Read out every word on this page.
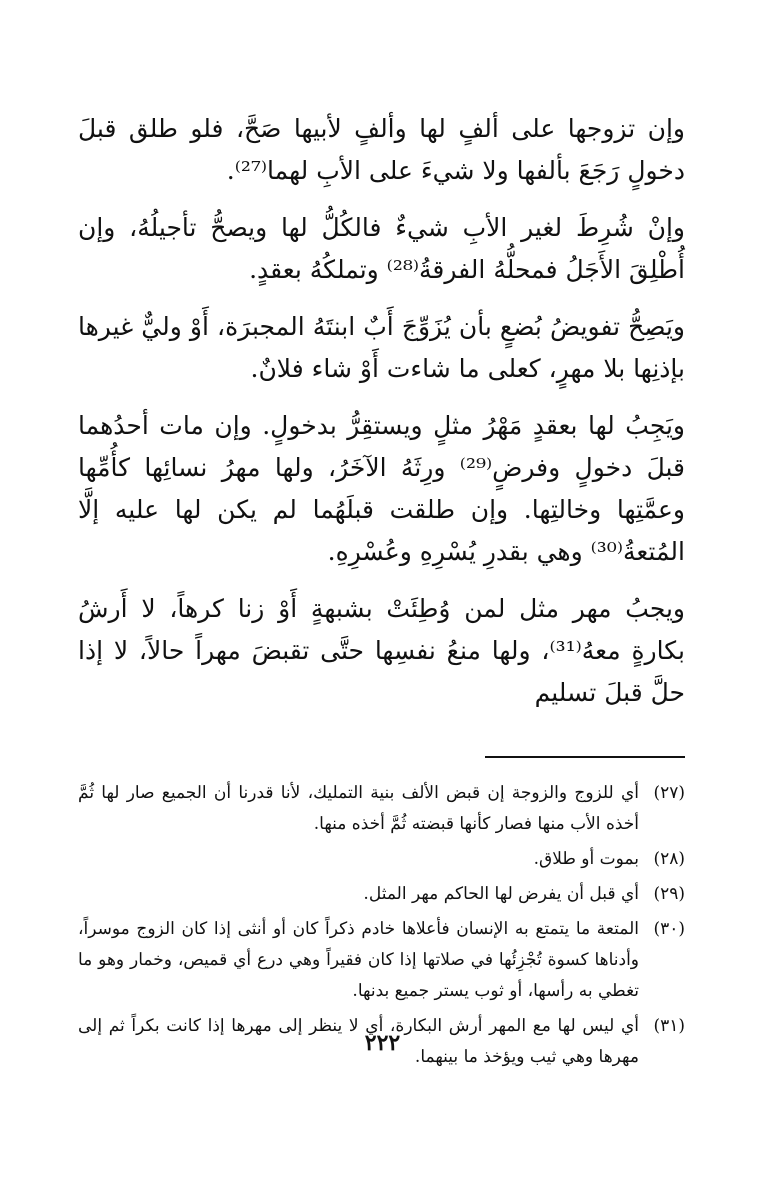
وإن تزوجها على ألفٍ لها وألفٍ لأبيها صَحَّ، فلو طلق قبلَ دخولٍ رَجَعَ بألفها ولا شيءَ على الأبِ لهما⁽²⁷⁾.

وإنْ شُرِطَ لغير الأبِ شيءٌ فالكُلُّ لها ويصحُّ تأجيلُهُ، وإن أُطْلِقَ الأَجَلُ فمحلُّهُ الفرقةُ⁽²⁸⁾ وتملكُهُ بعقدٍ.

ويَصِحُّ تفويضُ بُضعٍ بأن يُزَوِّجَ أَبٌ ابنتَهُ المجبرَة، أَوْ وليٌّ غيرها بإذنِها بلا مهرٍ، كعلى ما شاءت أَوْ شاء فلانٌ.

ويَجِبُ لها بعقدٍ مَهْرُ مثلٍ ويستقِرُّ بدخولٍ. وإن مات أحدُهما قبلَ دخولٍ وفرضٍ⁽²⁹⁾ ورِثَهُ الآخَرُ، ولها مهرُ نسائِها كأُمِّها وعمَّتِها وخالتِها. وإن طلقت قبلَهُما لم يكن لها عليه إلَّا المُتعةُ⁽³⁰⁾ وهي بقدرِ يُسْرِهِ وعُسْرِهِ.

ويجبُ مهر مثل لمن وُطِئَتْ بشبهةٍ أَوْ زنا كرهاً، لا أَرشُ بكارةٍ معهُ⁽³¹⁾، ولها منعُ نفسِها حتَّى تقبضَ مهراً حالاً، لا إذا حلَّ قبلَ تسليم

(٢٧)
أي للزوج والزوجة إن قبض الألف بنية التمليك، لأنا قدرنا أن الجميع صار لها ثُمَّ أخذه الأب منها فصار كأنها قبضته ثُمَّ أخذه منها.
(٢٨)
بموت أو طلاق.
(٢٩)
أي قبل أن يفرض لها الحاكم مهر المثل.
(٣٠)
المتعة ما يتمتع به الإنسان فأعلاها خادم ذكراً كان أو أنثى إذا كان الزوج موسراً، وأدناها كسوة تُجْزِئُها في صلاتها إذا كان فقيراً وهي درع أي قميص، وخمار وهو ما تغطي به رأسها، أو ثوب يستر جميع بدنها.
(٣١)
أي ليس لها مع المهر أرش البكارة، أي لا ينظر إلى مهرها إذا كانت بكراً ثم إلى مهرها وهي ثيب ويؤخذ ما بينهما.
٢٢٢
